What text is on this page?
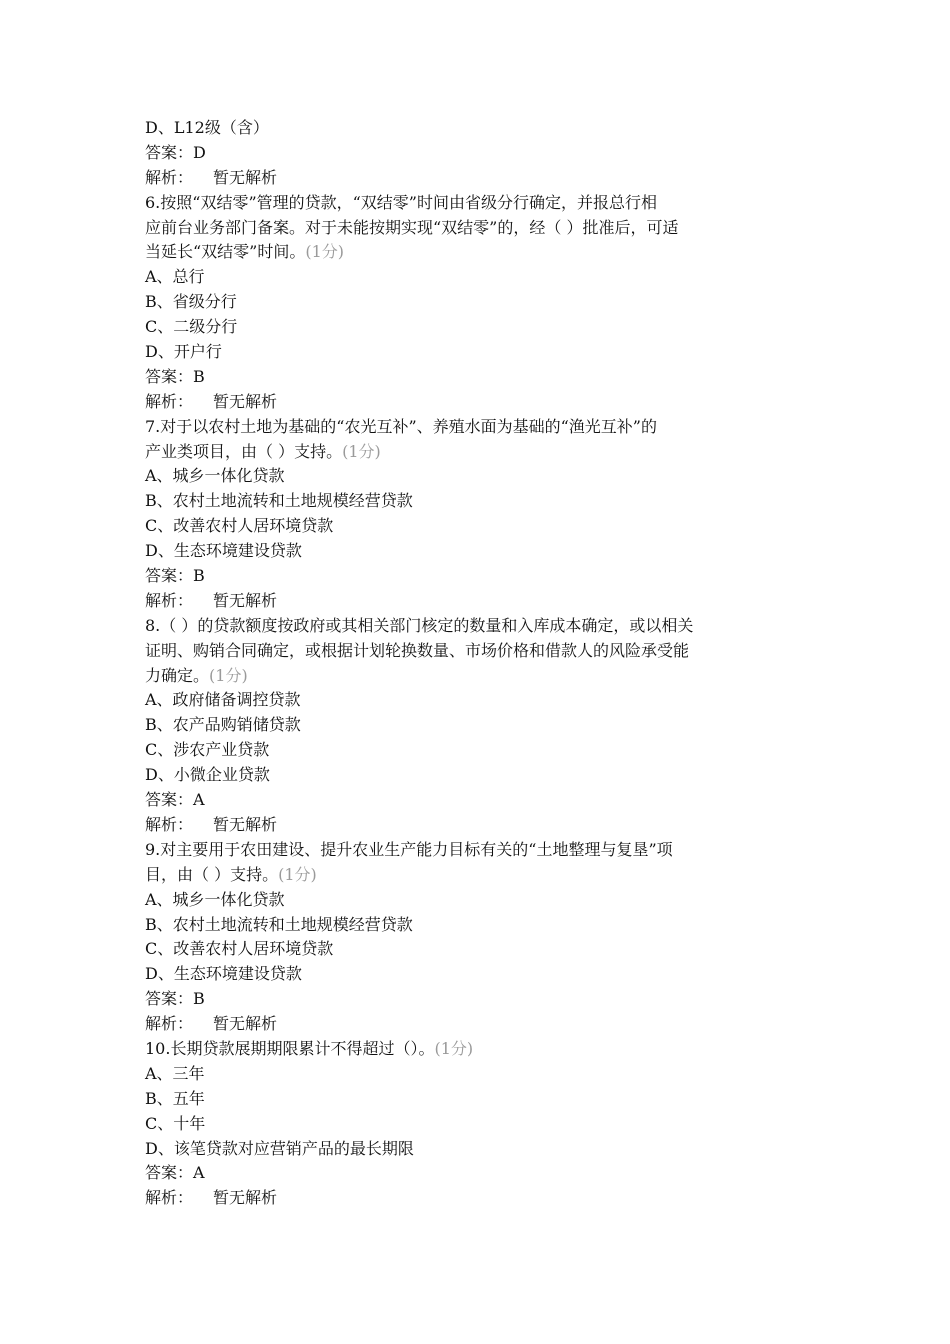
D、L12级（含）
答案：D
解析： 暂无解析
6.按照“双结零”管理的贷款，“双结零”时间由省级分行确定，并报总行相
应前台业务部门备案。对于未能按期实现“双结零”的，经（ ）批准后，可适
当延长“双结零”时间。(1分)
A、总行
B、省级分行
C、二级分行
D、开户行
答案：B
解析： 暂无解析
7.对于以农村土地为基础的“农光互补”、养殖水面为基础的“渔光互补”的
产业类项目，由（ ）支持。(1分)
A、城乡一体化贷款
B、农村土地流转和土地规模经营贷款
C、改善农村人居环境贷款
D、生态环境建设贷款
答案：B
解析： 暂无解析
8.（ ）的贷款额度按政府或其相关部门核定的数量和入库成本确定，或以相关
证明、购销合同确定，或根据计划轮换数量、市场价格和借款人的风险承受能
力确定。(1分)
A、政府储备调控贷款
B、农产品购销储贷款
C、涉农产业贷款
D、小微企业贷款
答案：A
解析： 暂无解析
9.对主要用于农田建设、提升农业生产能力目标有关的“土地整理与复垦”项
目，由（ ）支持。(1分)
A、城乡一体化贷款
B、农村土地流转和土地规模经营贷款
C、改善农村人居环境贷款
D、生态环境建设贷款
答案：B
解析： 暂无解析
10.长期贷款展期期限累计不得超过（）。(1分)
A、三年
B、五年
C、十年
D、该笔贷款对应营销产品的最长期限
答案：A
解析： 暂无解析
